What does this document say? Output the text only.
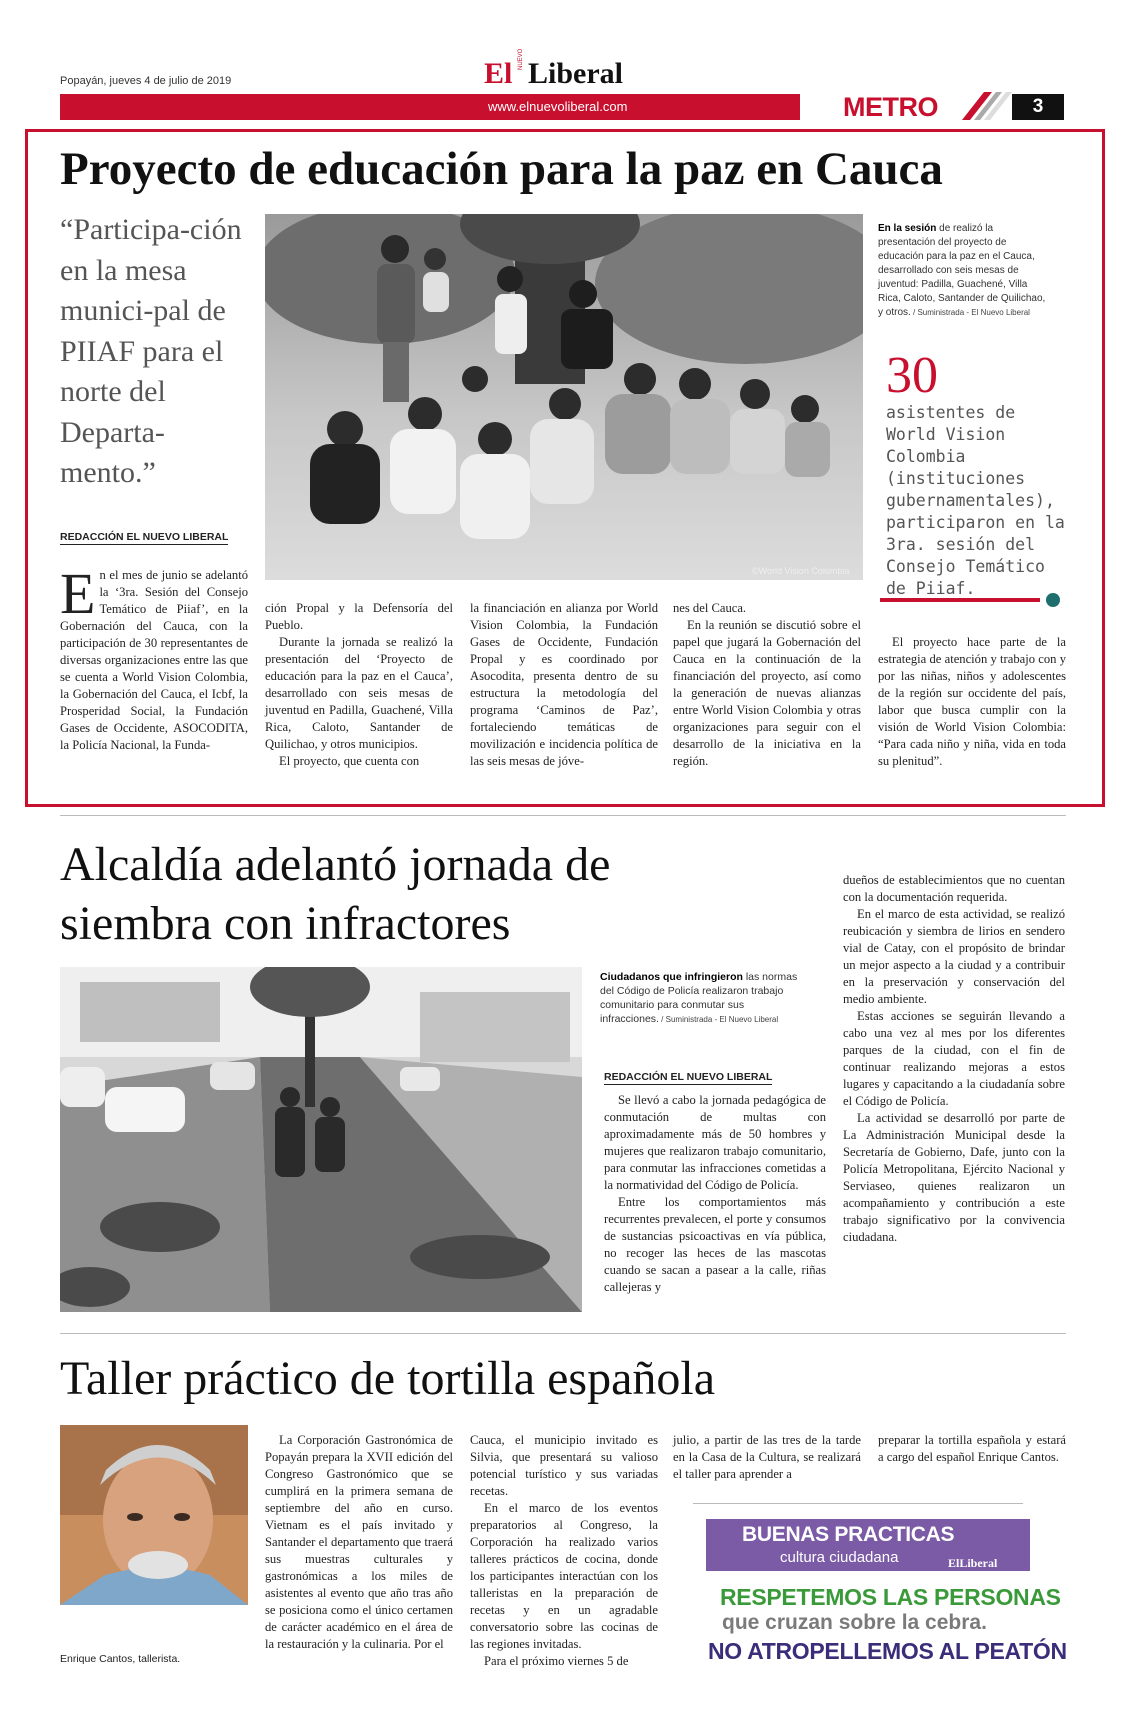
Popayán, jueves 4 de julio de 2019	El NUEVO Liberal
www.elnuevoliberal.com	METRO	3
Proyecto de educación para la paz en Cauca
“Participa-ción en la mesa munici-pal de PIIAF para el norte del Departa-mento.”
REDACCIÓN EL NUEVO LIBERAL
©World Vision Colombia
En la sesión de realizó la presentación del proyecto de educación para la paz en el Cauca, desarrollado con seis mesas de juventud: Padilla, Guachené, Villa Rica, Caloto, Santander de Quilichao, y otros. / Suministrada - El Nuevo Liberal
30
asistentes de World Vision Colombia (instituciones gubernamentales), participaron en la 3ra. sesión del Consejo Temático de Piiaf.

En el mes de junio se adelantó la ‘3ra. Sesión del Consejo Temático de Piiaf’, en la Gobernación del Cauca, con la participación de 30 representantes de diversas organizaciones entre las que se cuenta a World Vision Colombia, la Gobernación del Cauca, el Icbf, la Prosperidad Social, la Fundación Gases de Occidente, ASOCODITA, la Policía Nacional, la Funda-

ción Propal y la Defensoría del Pueblo.

Durante la jornada se realizó la presentación del ‘Proyecto de educación para la paz en el Cauca’, desarrollado con seis mesas de juventud en Padilla, Guachené, Villa Rica, Caloto, Santander de Quilichao, y otros municipios.

El proyecto, que cuenta con

la financiación en alianza por World Vision Colombia, la Fundación Gases de Occidente, Fundación Propal y es coordinado por Asocodita, presenta dentro de su estructura la metodología del programa ‘Caminos de Paz’, fortaleciendo temáticas de movilización e incidencia política de las seis mesas de jóve-

nes del Cauca.

En la reunión se discutió sobre el papel que jugará la Gobernación del Cauca en la continuación de la financiación del proyecto, así como la generación de nuevas alianzas entre World Vision Colombia y otras organizaciones para seguir con el desarrollo de la iniciativa en la región.

El proyecto hace parte de la estrategia de atención y trabajo con y por las niñas, niños y adolescentes de la región sur occidente del país, labor que busca cumplir con la visión de World Vision Colombia: “Para cada niño y niña, vida en toda su plenitud”.

Alcaldía adelantó jornada de
siembra con infractores
Ciudadanos que infringieron las normas del Código de Policía realizaron trabajo comunitario para conmutar sus infracciones. / Suministrada - El Nuevo Liberal
REDACCIÓN EL NUEVO LIBERAL

Se llevó a cabo la jornada pedagógica de conmutación de multas con aproximadamente más de 50 hombres y mujeres que realizaron trabajo comunitario, para conmutar las infracciones cometidas a la normatividad del Código de Policía.

Entre los comportamientos más recurrentes prevalecen, el porte y consumos de sustancias psicoactivas en vía pública, no recoger las heces de las mascotas cuando se sacan a pasear a la calle, riñas callejeras y

dueños de establecimientos que no cuentan con la documentación requerida.

En el marco de esta actividad, se realizó reubicación y siembra de lirios en sendero vial de Catay, con el propósito de brindar un mejor aspecto a la ciudad y a contribuir en la preservación y conservación del medio ambiente.

Estas acciones se seguirán llevando a cabo una vez al mes por los diferentes parques de la ciudad, con el fin de continuar realizando mejoras a estos lugares y capacitando a la ciudadanía sobre el Código de Policía.

La actividad se desarrolló por parte de La Administración Municipal desde la Secretaría de Gobierno, Dafe, junto con la Policía Metropolitana, Ejército Nacional y Serviaseo, quienes realizaron un acompañamiento y contribución a este trabajo significativo por la convivencia ciudadana.

Taller práctico de tortilla española
Enrique Cantos, tallerista.

La Corporación Gastronómica de Popayán prepara la XVII edición del Congreso Gastronómico que se cumplirá en la primera semana de septiembre del año en curso. Vietnam es el país invitado y Santander el departamento que traerá sus muestras culturales y gastronómicas a los miles de asistentes al evento que año tras año se posiciona como el único certamen de carácter académico en el área de la restauración y la culinaria. Por el

Cauca, el municipio invitado es Silvia, que presentará su valioso potencial turístico y sus variadas recetas.

En el marco de los eventos preparatorios al Congreso, la Corporación ha realizado varios talleres prácticos de cocina, donde los participantes interactúan con los talleristas en la preparación de recetas y en un agradable conversatorio sobre las cocinas de las regiones invitadas.

Para el próximo viernes 5 de

julio, a partir de las tres de la tarde en la Casa de la Cultura, se realizará el taller para aprender a

preparar la tortilla española y estará a cargo del español Enrique Cantos.

BUENAS PRACTICAS
cultura ciudadana	ElLiberal
RESPETEMOS LAS PERSONAS
que cruzan sobre la cebra.
NO ATROPELLEMOS AL PEATÓN
